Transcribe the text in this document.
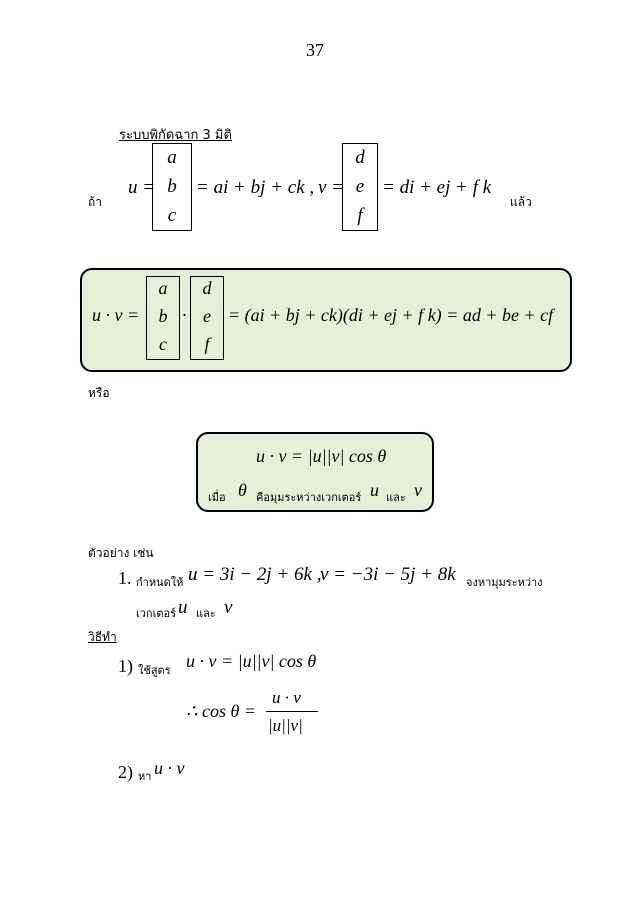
37
ระบบพิกัดฉาก 3 มิติ
ถ้า
u =
a
b
c
= ai + bj + ck , v =
d
e
f
= di + ej + f k
แล้ว
u · v =
a
b
c
·
d
e
f
= (ai + bj + ck)(di + ej + f k) = ad + be + cf
หรือ
u · v = |u||v| cos θ
เมื่อ θ คือมุมระหว่างเวกเตอร์ u และ v
ตัวอย่าง เช่น
1. กำหนดให้ u = 3i − 2j + 6k ,
v = −3i − 5j + 8k จงหามุมระหว่าง
เวกเตอร์ u และ v
วิธีทำ
1) ใช้สูตร u · v = |u||v| cos θ
∴ cos θ =
u · v
|u||v|
2) หา u · v
